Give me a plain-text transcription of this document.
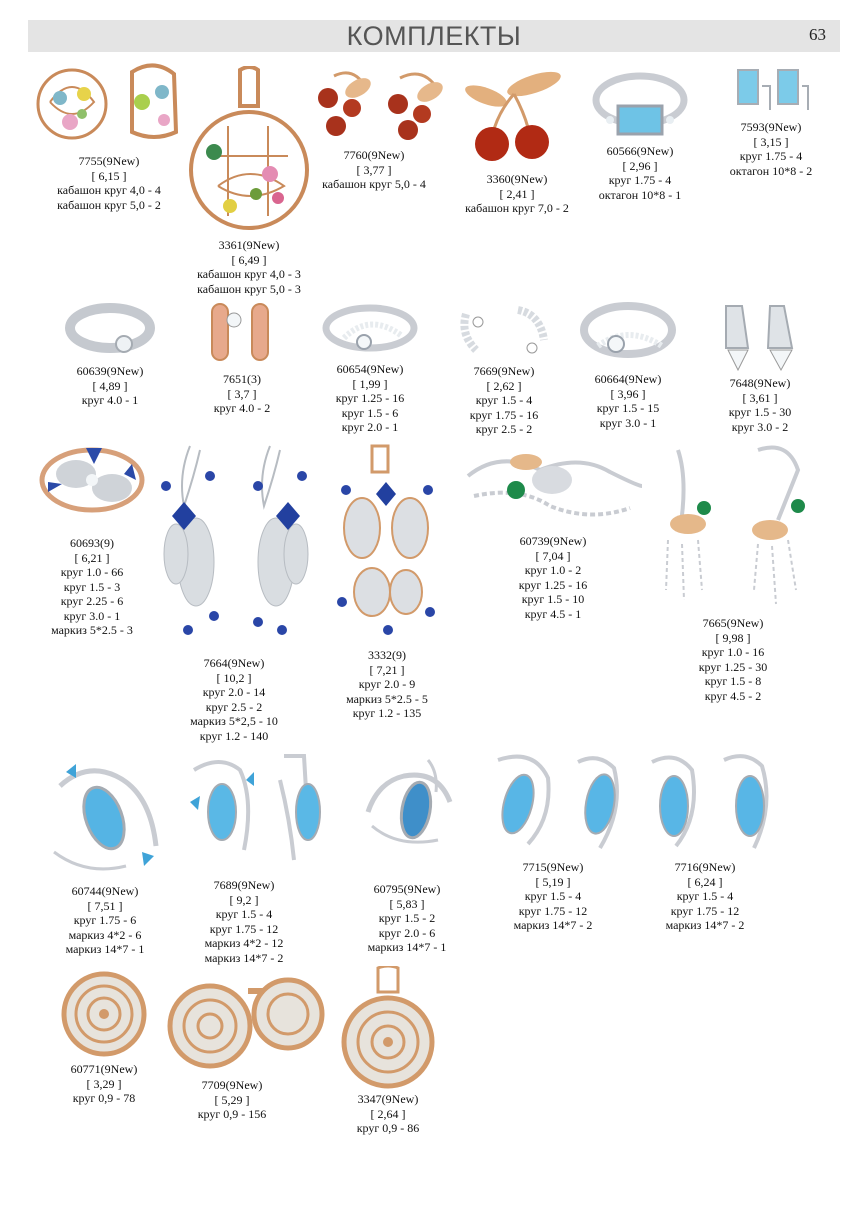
КОМПЛЕКТЫ	63
7755(9New)
[ 6,15 ]
кабашон круг 4,0 - 4
кабашон круг 5,0 - 2
3361(9New)
[ 6,49 ]
кабашон круг 4,0 - 3
кабашон круг 5,0 - 3
7760(9New)
[ 3,77 ]
кабашон круг 5,0 - 4	3360(9New)
[ 2,41 ]
кабашон круг 7,0 - 2
60566(9New)
[ 2,96 ]
круг 1.75 - 4
октагон 10*8 - 1
7593(9New)
[ 3,15 ]
круг 1.75 - 4
октагон 10*8 - 2
60639(9New)
[ 4,89 ]
круг 4.0 - 1
7651(3)
[ 3,7 ]
круг 4.0 - 2
60654(9New)
[ 1,99 ]
круг 1.25 - 16
круг 1.5 - 6
круг 2.0 - 1
7669(9New)
[ 2,62 ]
круг 1.5 - 4
круг 1.75 - 16
круг 2.5 - 2
60664(9New)
[ 3,96 ]
круг 1.5 - 15
круг 3.0 - 1
7648(9New)
[ 3,61 ]
круг 1.5 - 30
круг 3.0 - 2
60693(9)
[ 6,21 ]
круг 1.0 - 66
круг 1.5 - 3
круг 2.25 - 6
круг 3.0 - 1
маркиз 5*2.5 - 3
7664(9New)
[ 10,2 ]
круг 2.0 - 14
круг 2.5 - 2
маркиз 5*2,5 - 10
круг 1.2 - 140
3332(9)
[ 7,21 ]
круг 2.0 - 9
маркиз 5*2.5 - 5
круг 1.2 - 135
60739(9New)
[ 7,04 ]
круг 1.0 - 2
круг 1.25 - 16
круг 1.5 - 10
круг 4.5 - 1
7665(9New)
[ 9,98 ]
круг 1.0 - 16
круг 1.25 - 30
круг 1.5 - 8
круг 4.5 - 2
60744(9New)
[ 7,51 ]
круг 1.75 - 6
маркиз 4*2 - 6
маркиз 14*7 - 1
7689(9New)
[ 9,2 ]
круг 1.5 - 4
круг 1.75 - 12
маркиз 4*2 - 12
маркиз 14*7 - 2
60795(9New)
[ 5,83 ]
круг 1.5 - 2
круг 2.0 - 6
маркиз 14*7 - 1
7715(9New)
[ 5,19 ]
круг 1.5 - 4
круг 1.75 - 12
маркиз 14*7 - 2
7716(9New)
[ 6,24 ]
круг 1.5 - 4
круг 1.75 - 12
маркиз 14*7 - 2
60771(9New)
[ 3,29 ]
круг 0,9 - 78
7709(9New)
[ 5,29 ]
круг 0,9 - 156
3347(9New)
[ 2,64 ]
круг 0,9 - 86
